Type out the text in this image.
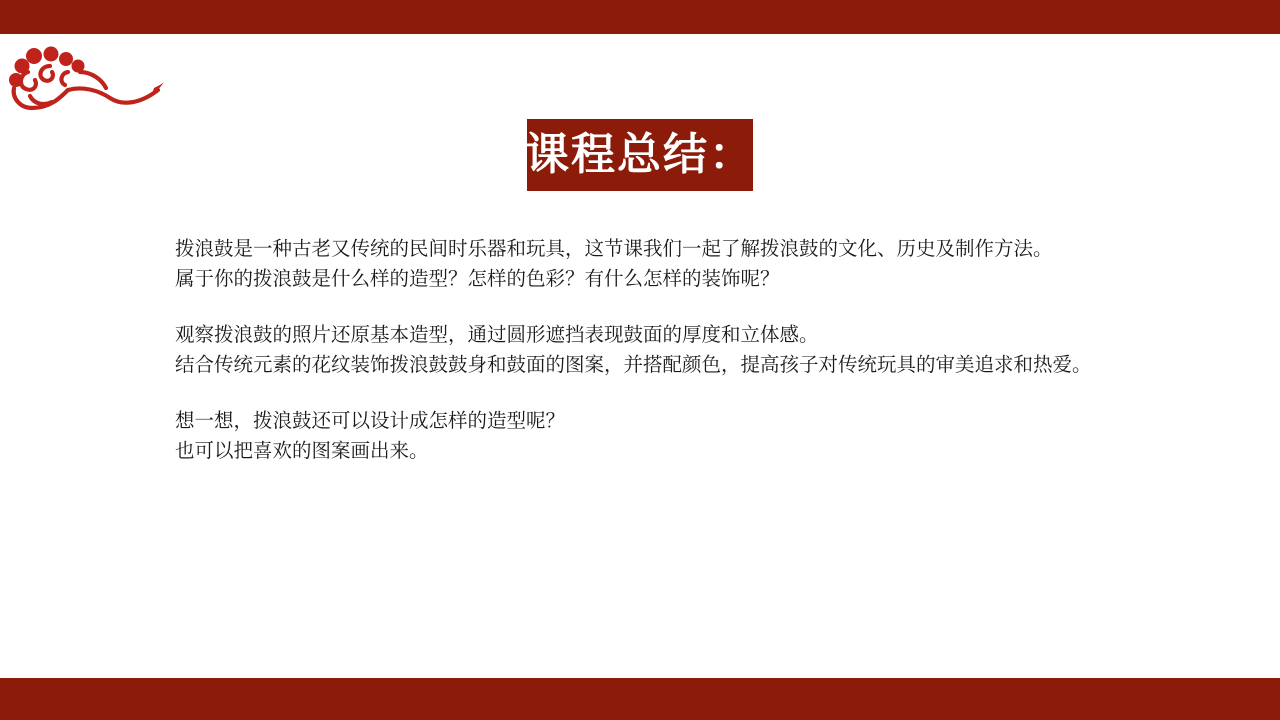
课程总结：
拨浪鼓是一种古老又传统的民间时乐器和玩具，这节课我们一起了解拨浪鼓的文化、历史及制作方法。
属于你的拨浪鼓是什么样的造型？怎样的色彩？有什么怎样的装饰呢？
观察拨浪鼓的照片还原基本造型，通过圆形遮挡表现鼓面的厚度和立体感。
结合传统元素的花纹装饰拨浪鼓鼓身和鼓面的图案，并搭配颜色，提高孩子对传统玩具的审美追求和热爱。
想一想，拨浪鼓还可以设计成怎样的造型呢？
也可以把喜欢的图案画出来。
